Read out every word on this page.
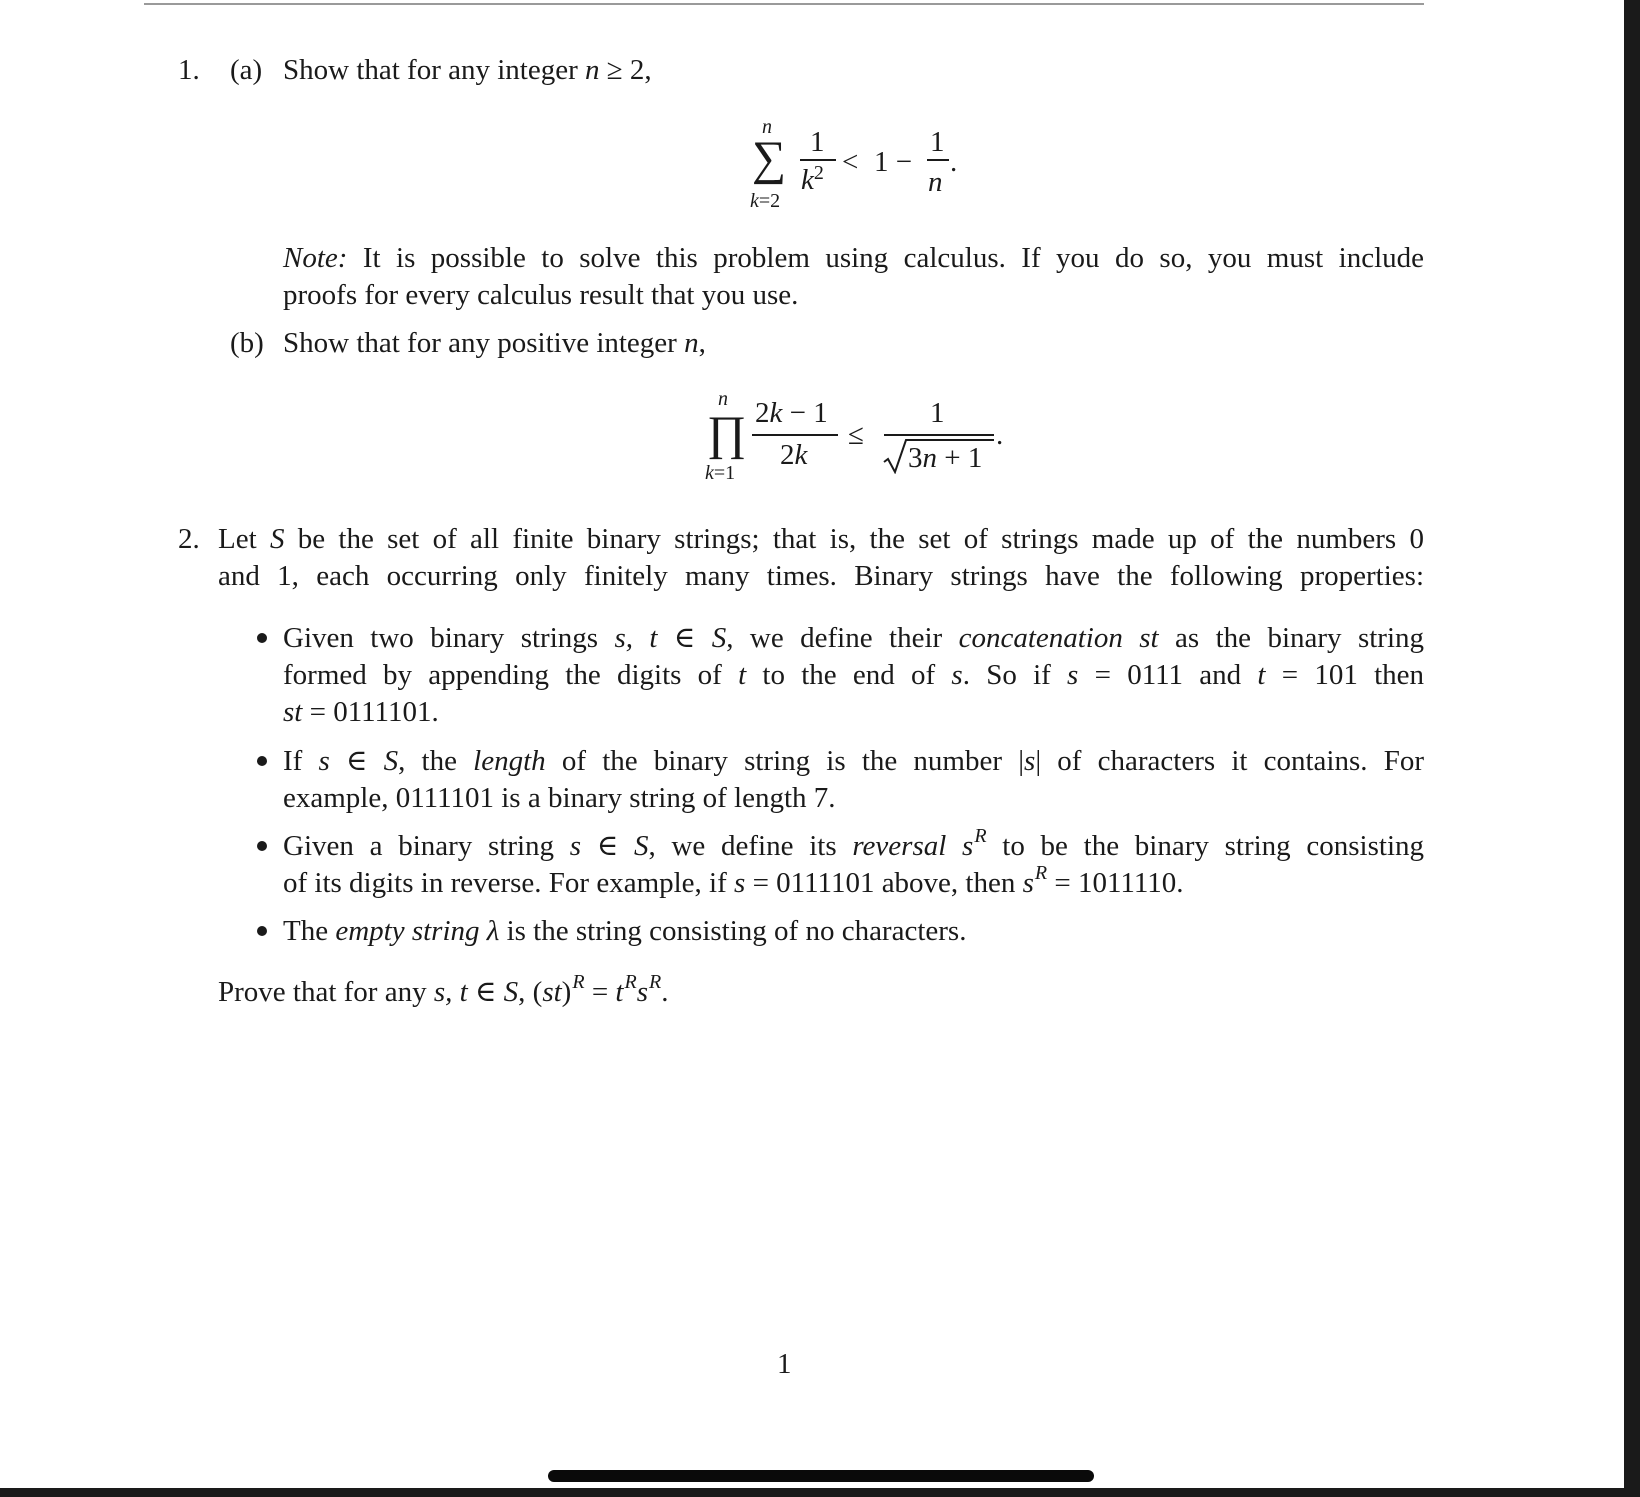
1. (a) Show that for any integer n ≥ 2,
n
∑
k=2
1
$k^2 < 1$ −
1
n
.
Note: It is possible to solve this problem using calculus. If you do so, you must include
proofs for every calculus result that you use.
(b) Show that for any positive integer n,
n
∏
k=1
2k − 1
2k
≤
1
3n + 1
.
2. Let S be the set of all finite binary strings; that is, the set of strings made up of the numbers 0
and 1, each occurring only finitely many times. Binary strings have the following properties:
Given two binary strings s, t ∈ S, we define their concatenation st as the binary string
formed by appending the digits of t to the end of s. So if s = 0111 and t = 101 then
st = 0111101.
If s ∈ S, the length of the binary string is the number |s| of characters it contains. For
example, 0111101 is a binary string of length 7.
Given a binary string s ∈ S, we define its reversal $s^R$ to be the binary string consisting
of its digits in reverse. For example, if s = 0111101 above, then $s^R = 1011110$.
The empty string λ is the string consisting of no characters.
Prove that for any s, t ∈ S, $(st)^R = t^Rs^R$.
1
